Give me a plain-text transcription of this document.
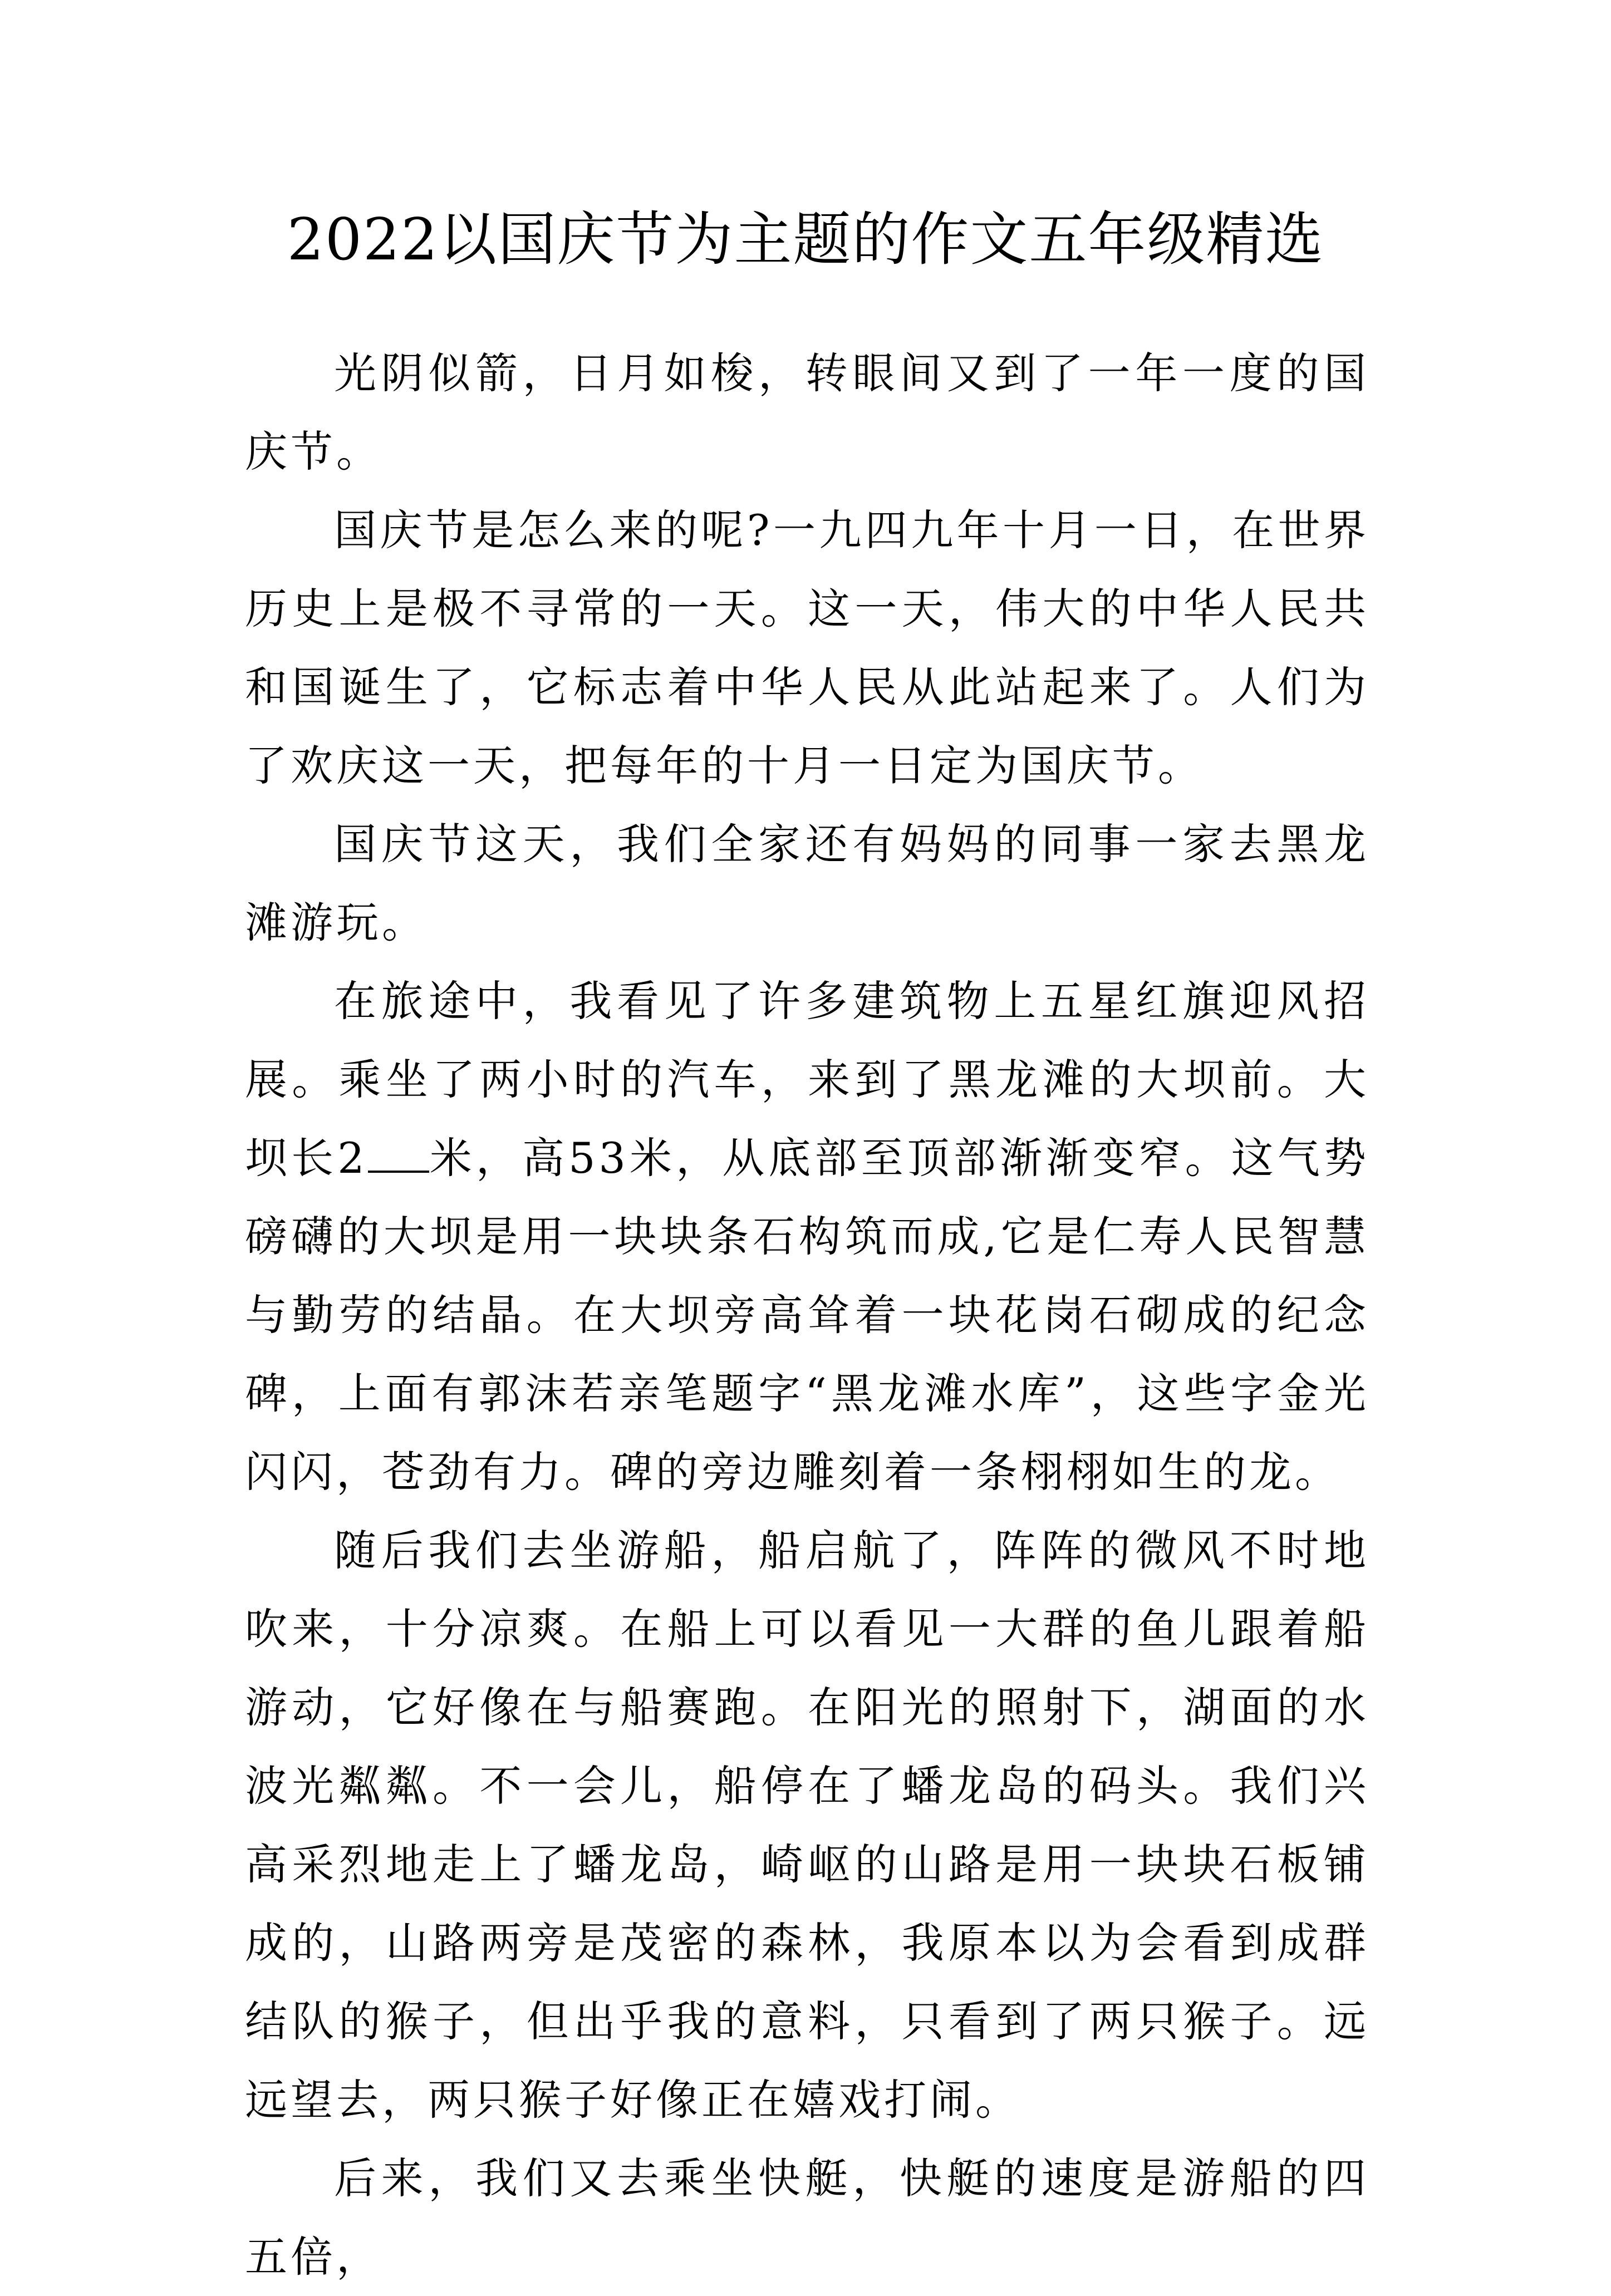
2022以国庆节为主题的作文五年级精选

光阴似箭，日月如梭，转眼间又到了一年一度的国庆节。

国庆节是怎么来的呢?一九四九年十月一日，在世界历史上是极不寻常的一天。这一天，伟大的中华人民共和国诞生了，它标志着中华人民从此站起来了。人们为了欢庆这一天，把每年的十月一日定为国庆节。

国庆节这天，我们全家还有妈妈的同事一家去黑龙滩游玩。

在旅途中，我看见了许多建筑物上五星红旗迎风招展。乘坐了两小时的汽车，来到了黑龙滩的大坝前。大坝长2 米，高53米，从底部至顶部渐渐变窄。这气势磅礴的大坝是用一块块条石构筑而成,它是仁寿人民智慧与勤劳的结晶。在大坝旁高耸着一块花岗石砌成的纪念碑，上面有郭沫若亲笔题字“黑龙滩水库”，这些字金光闪闪，苍劲有力。碑的旁边雕刻着一条栩栩如生的龙。

随后我们去坐游船，船启航了，阵阵的微风不时地吹来，十分凉爽。在船上可以看见一大群的鱼儿跟着船游动，它好像在与船赛跑。在阳光的照射下，湖面的水波光粼粼。不一会儿，船停在了蟠龙岛的码头。我们兴高采烈地走上了蟠龙岛，崎岖的山路是用一块块石板铺成的，山路两旁是茂密的森林，我原本以为会看到成群结队的猴子，但出乎我的意料，只看到了两只猴子。远远望去，两只猴子好像正在嬉戏打闹。

后来，我们又去乘坐快艇，快艇的速度是游船的四五倍，
